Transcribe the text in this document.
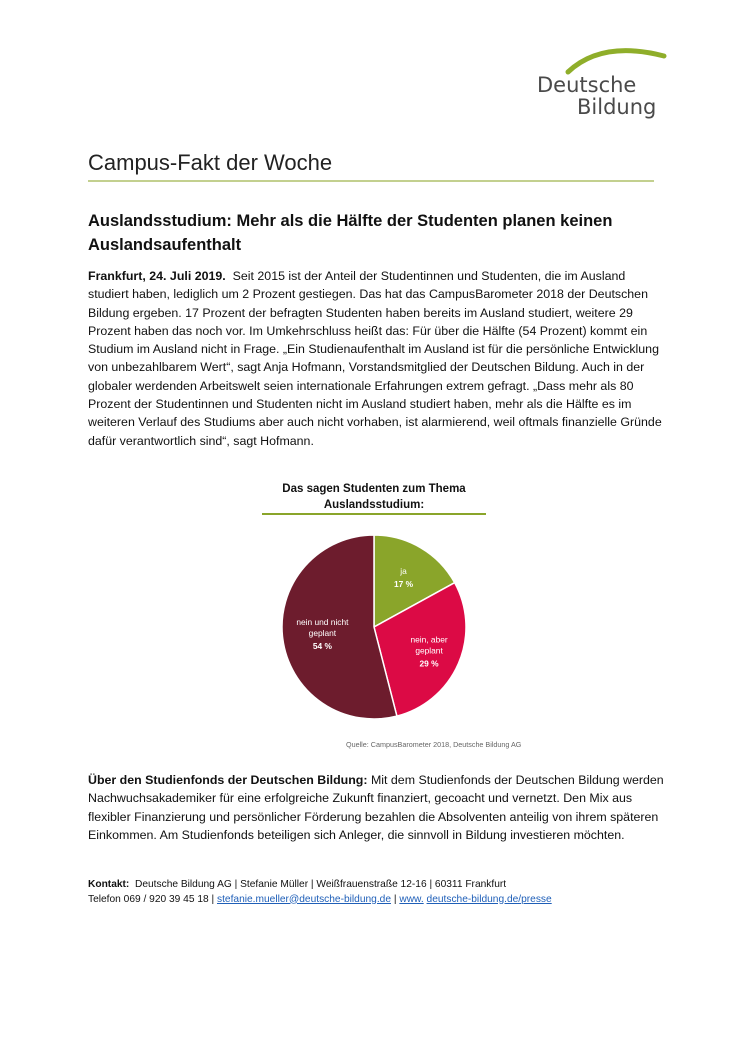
Deutsche
Bildung
Campus-Fakt der Woche
Auslandsstudium: Mehr als die Hälfte der Studenten planen keinen Auslandsaufenthalt
Frankfurt, 24. Juli 2019. Seit 2015 ist der Anteil der Studentinnen und Studenten, die im Ausland studiert haben, lediglich um 2 Prozent gestiegen. Das hat das CampusBarometer 2018 der Deutschen Bildung ergeben. 17 Prozent der befragten Studenten haben bereits im Ausland studiert, weitere 29 Prozent haben das noch vor. Im Umkehrschluss heißt das: Für über die Hälfte (54 Prozent) kommt ein Studium im Ausland nicht in Frage. „Ein Studienaufenthalt im Ausland ist für die persönliche Entwicklung von unbezahlbarem Wert“, sagt Anja Hofmann, Vorstandsmitglied der Deutschen Bildung. Auch in der globaler werdenden Arbeitswelt seien internationale Erfahrungen extrem gefragt. „Dass mehr als 80 Prozent der Studentinnen und Studenten nicht im Ausland studiert haben, mehr als die Hälfte es im weiteren Verlauf des Studiums aber auch nicht vorhaben, ist alarmierend, weil oftmals finanzielle Gründe dafür verantwortlich sind“, sagt Hofmann.
Das sagen Studenten zum Thema
Auslandsstudium:
ja
17 %
nein, aber
geplant
29 %
nein und nicht
geplant
54 %
Quelle: CampusBarometer 2018, Deutsche Bildung AG
Über den Studienfonds der Deutschen Bildung: Mit dem Studienfonds der Deutschen Bildung werden Nachwuchsakademiker für eine erfolgreiche Zukunft finanziert, gecoacht und vernetzt. Den Mix aus flexibler Finanzierung und persönlicher Förderung bezahlen die Absolventen anteilig von ihrem späteren Einkommen. Am Studienfonds beteiligen sich Anleger, die sinnvoll in Bildung investieren möchten.
Kontakt: Deutsche Bildung AG | Stefanie Müller | Weißfrauenstraße 12-16 | 60311 Frankfurt
Telefon 069 / 920 39 45 18 | stefanie.mueller@deutsche-bildung.de | www. deutsche-bildung.de/presse
